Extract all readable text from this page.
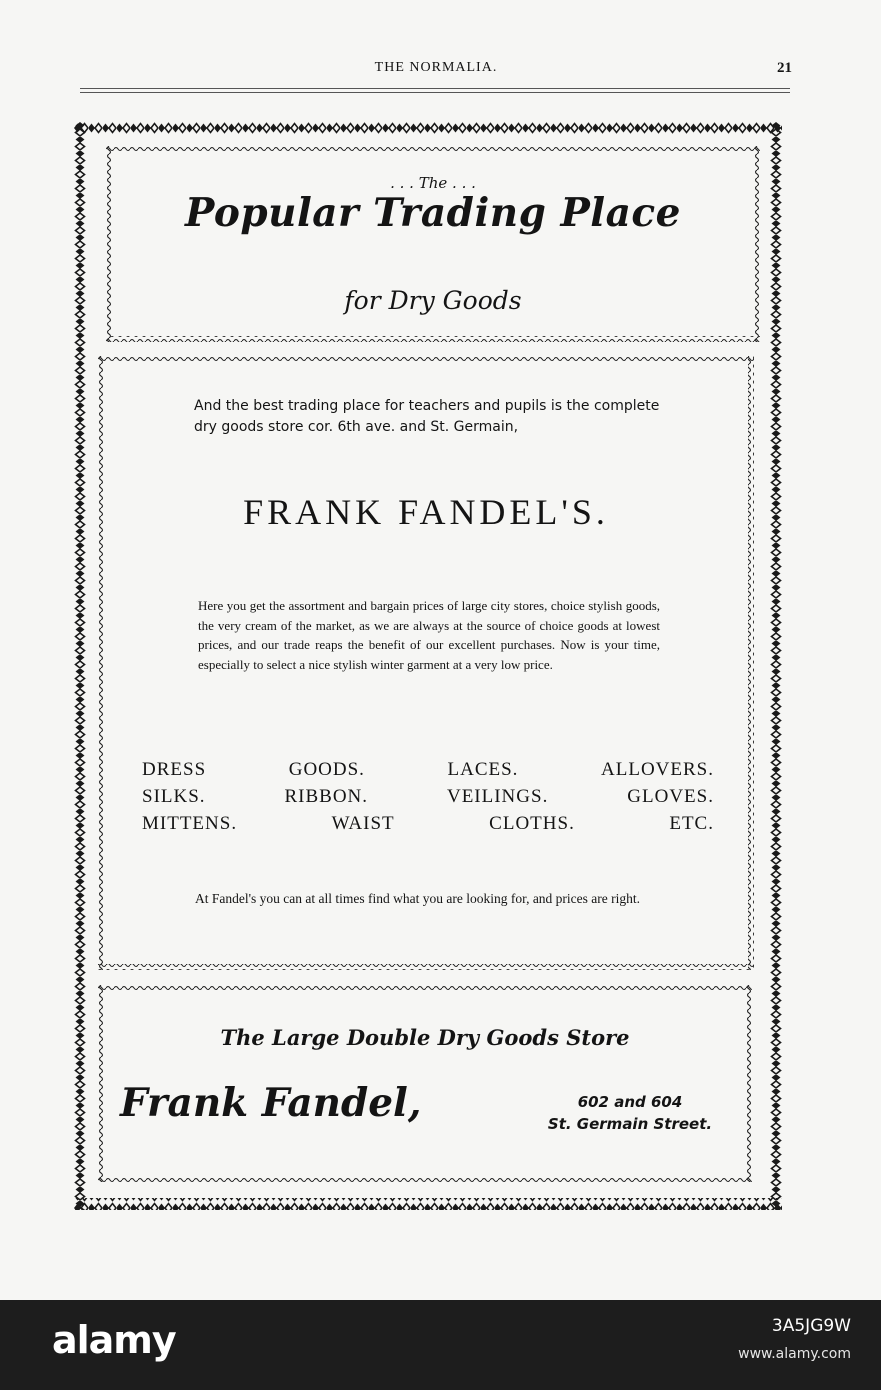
THE NORMALIA.	21
. . . The . . .
Popular Trading Place
for Dry Goods
And the best trading place for teachers and pupils is the complete dry goods store cor. 6th ave. and St. Germain,
FRANK FANDEL'S.
Here you get the assortment and bargain prices of large city stores, choice stylish goods, the very cream of the market, as we are always at the source of choice goods at lowest prices, and our trade reaps the benefit of our excellent purchases. Now is your time, especially to select a nice stylish winter garment at a very low price.
DRESS	GOODS.	LACES.	ALLOVERS.
SILKS.	RIBBON.	VEILINGS.	GLOVES.
MITTENS.	WAIST	CLOTHS.	ETC.
At Fandel's you can at all times find what you are looking for, and prices are right.
The Large Double Dry Goods Store
Frank Fandel,	602 and 604
St. Germain Street.
alamy	3A5JG9W
www.alamy.com
